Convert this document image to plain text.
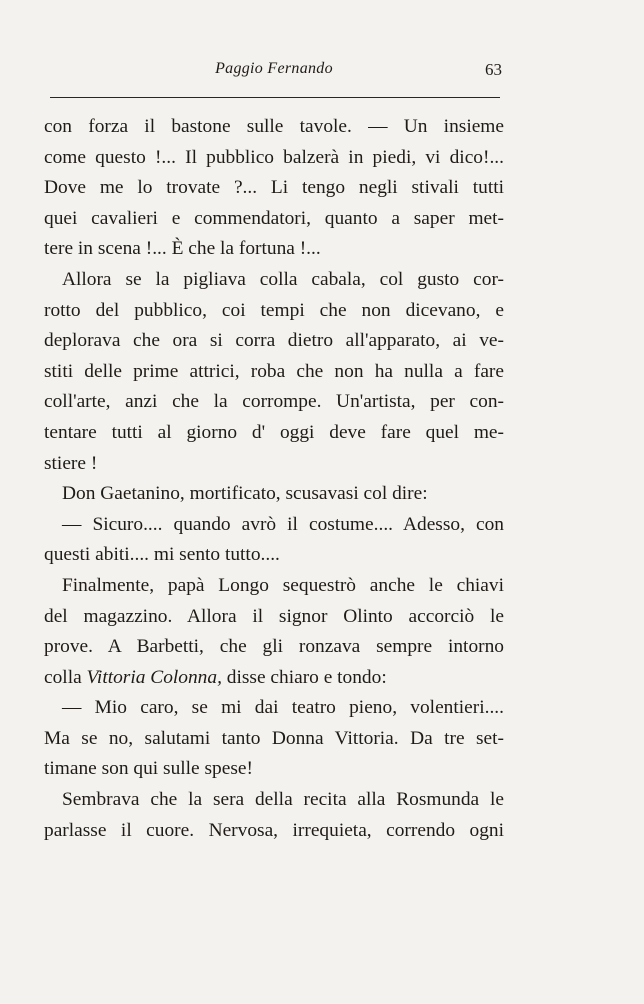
Paggio Fernando	63
con forza il bastone sulle tavole. — Un insieme
come questo !... Il pubblico balzerà in piedi, vi dico!...
Dove me lo trovate ?... Li tengo negli stivali tutti
quei cavalieri e commendatori, quanto a saper met-
tere in scena !... È che la fortuna !...
Allora se la pigliava colla cabala, col gusto cor-
rotto del pubblico, coi tempi che non dicevano, e
deplorava che ora si corra dietro all'apparato, ai ve-
stiti delle prime attrici, roba che non ha nulla a fare
coll'arte, anzi che la corrompe. Un'artista, per con-
tentare tutti al giorno d' oggi deve fare quel me-
stiere !
Don Gaetanino, mortificato, scusavasi col dire:
— Sicuro.... quando avrò il costume.... Adesso, con
questi abiti.... mi sento tutto....
Finalmente, papà Longo sequestrò anche le chiavi
del magazzino. Allora il signor Olinto accorciò le
prove. A Barbetti, che gli ronzava sempre intorno
colla Vittoria Colonna, disse chiaro e tondo:
— Mio caro, se mi dai teatro pieno, volentieri....
Ma se no, salutami tanto Donna Vittoria. Da tre set-
timane son qui sulle spese!
Sembrava che la sera della recita alla Rosmunda le
parlasse il cuore. Nervosa, irrequieta, correndo ogni
